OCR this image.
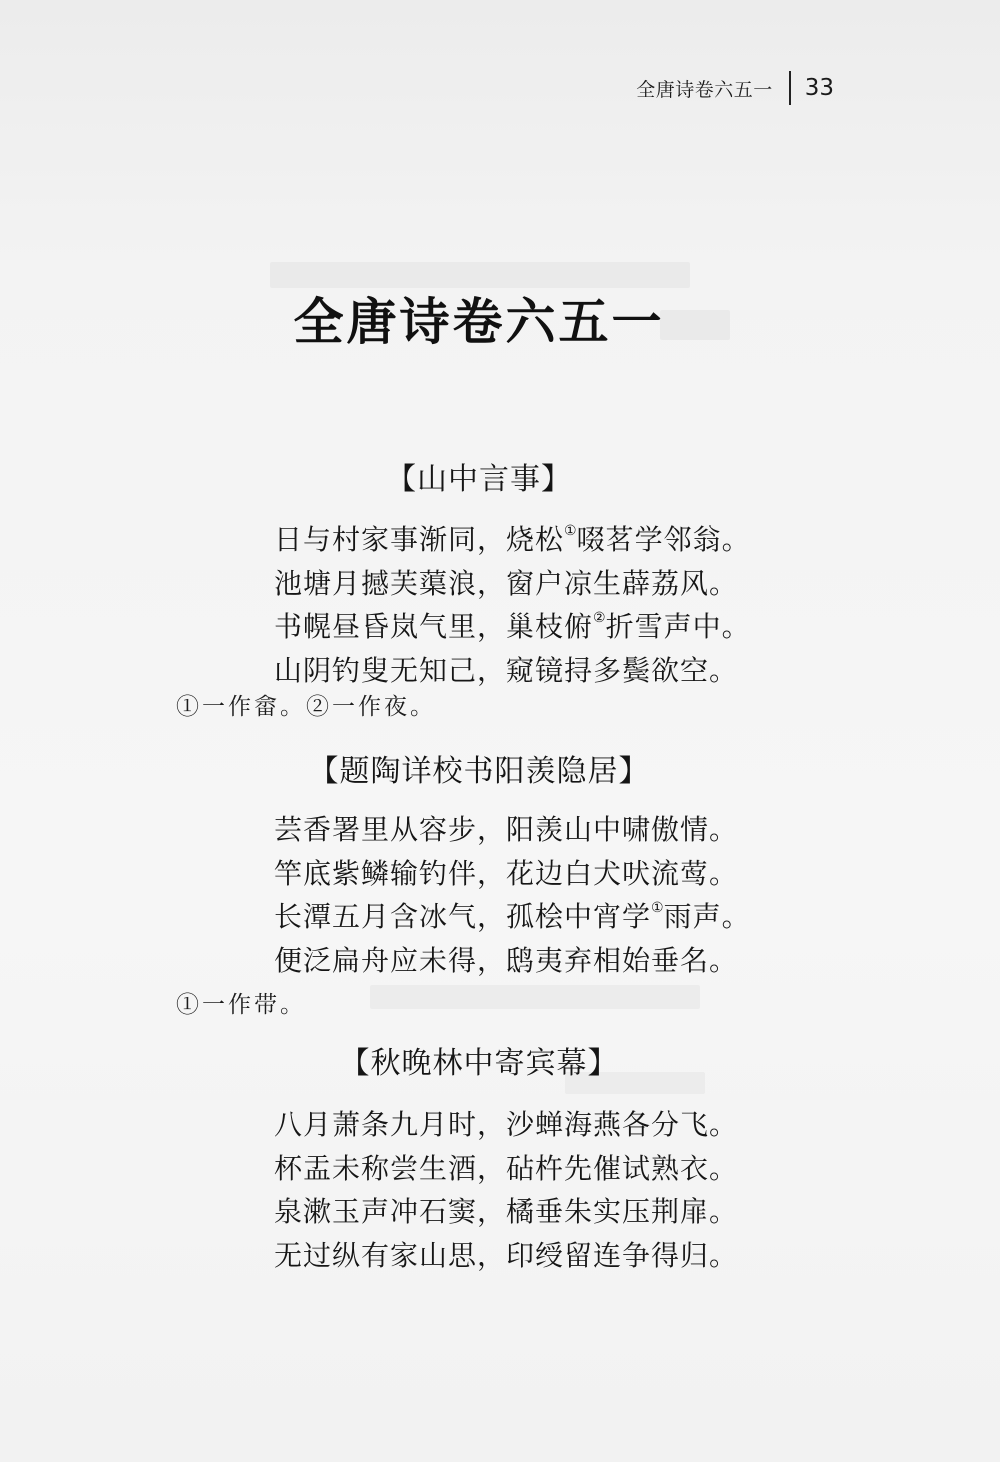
全唐诗卷六五一 33
全唐诗卷六五一
【山中言事】
日与村家事渐同，烧松①啜茗学邻翁。
池塘月撼芙蕖浪，窗户凉生薜荔风。
书幌昼昏岚气里，巢枝俯②折雪声中。
山阴钓叟无知己，窥镜挦多鬓欲空。
①一作畲。②一作夜。
【题陶详校书阳羡隐居】
芸香署里从容步，阳羡山中啸傲情。
竿底紫鳞输钓伴，花边白犬吠流莺。
长潭五月含冰气，孤桧中宵学①雨声。
便泛扁舟应未得，鸱夷弃相始垂名。
①一作带。
【秋晚林中寄宾幕】
八月萧条九月时，沙蝉海燕各分飞。
杯盂未称尝生酒，砧杵先催试熟衣。
泉漱玉声冲石窦，橘垂朱实压荆扉。
无过纵有家山思，印绶留连争得归。
